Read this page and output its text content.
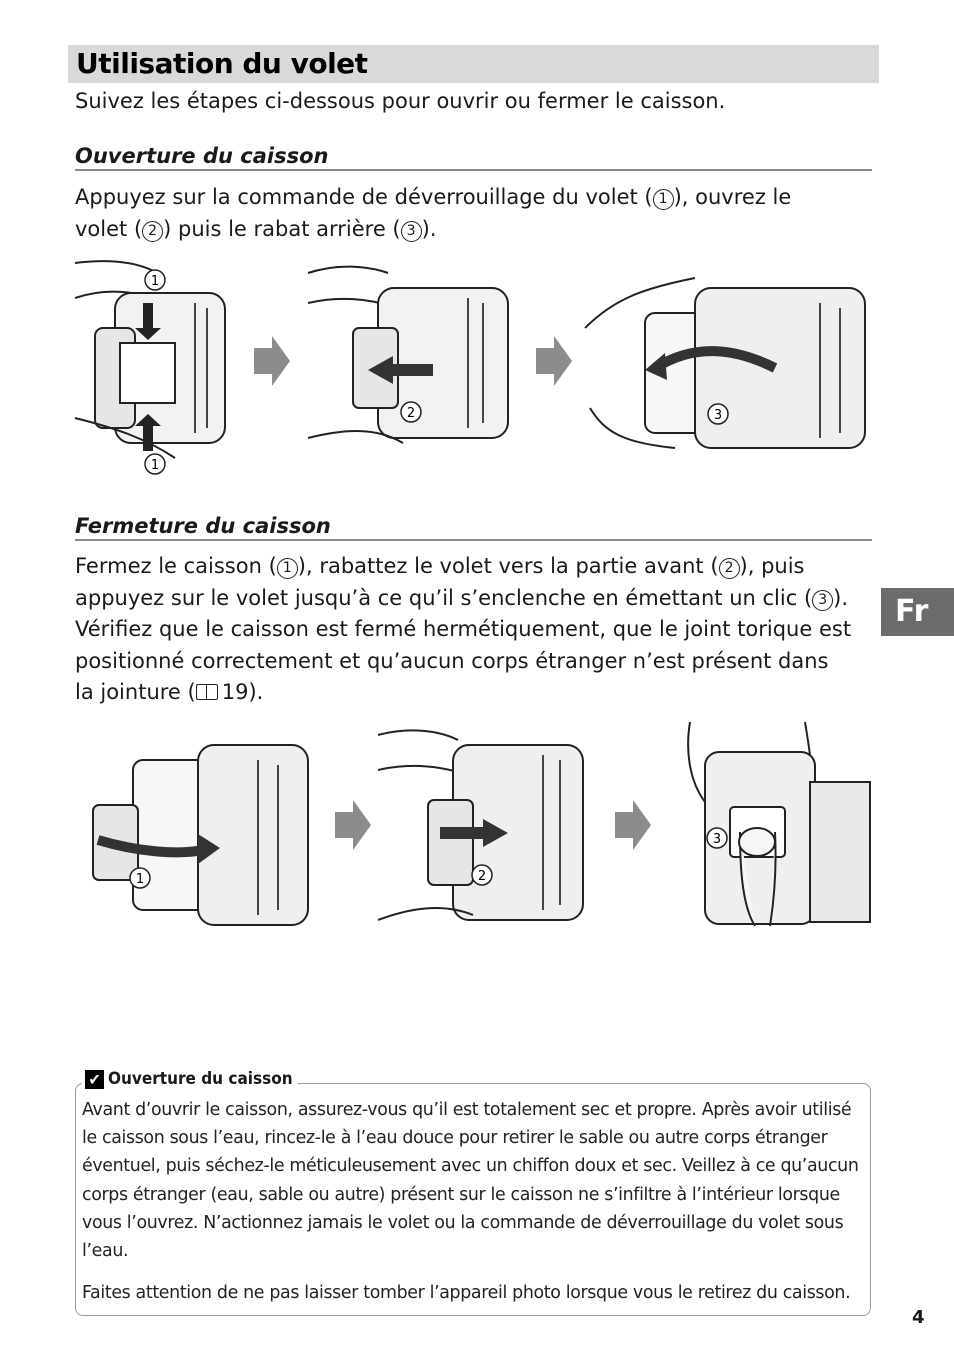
Utilisation du volet
Suivez les étapes ci-dessous pour ouvrir ou fermer le caisson.
Ouverture du caisson

Appuyez sur la commande de déverrouillage du volet ( 1 ), ouvrez le

volet ( 2 ) puis le rabat arrière ( 3 ).

1
1
2	3
Fermeture du caisson

Fermez le caisson ( 1 ), rabattez le volet vers la partie avant ( 2 ), puis

appuyez sur le volet jusqu’à ce qu’il s’enclenche en émettant un clic ( 3 ).

Vérifiez que le caisson est fermé hermétiquement, que le joint torique est

positionné correctement et qu’aucun corps étranger n’est présent dans

la jointure ( 19).

Fr
1	2
3
✔ Ouverture du caisson

Avant d’ouvrir le caisson, assurez-vous qu’il est totalement sec et propre. Après avoir utilisé le caisson sous l’eau, rincez-le à l’eau douce pour retirer le sable ou autre corps étranger éventuel, puis séchez-le méticuleusement avec un chiffon doux et sec. Veillez à ce qu’aucun corps étranger (eau, sable ou autre) présent sur le caisson ne s’infiltre à l’intérieur lorsque vous l’ouvrez. N’actionnez jamais le volet ou la commande de déverrouillage du volet sous l’eau.

Faites attention de ne pas laisser tomber l’appareil photo lorsque vous le retirez du caisson.

4
